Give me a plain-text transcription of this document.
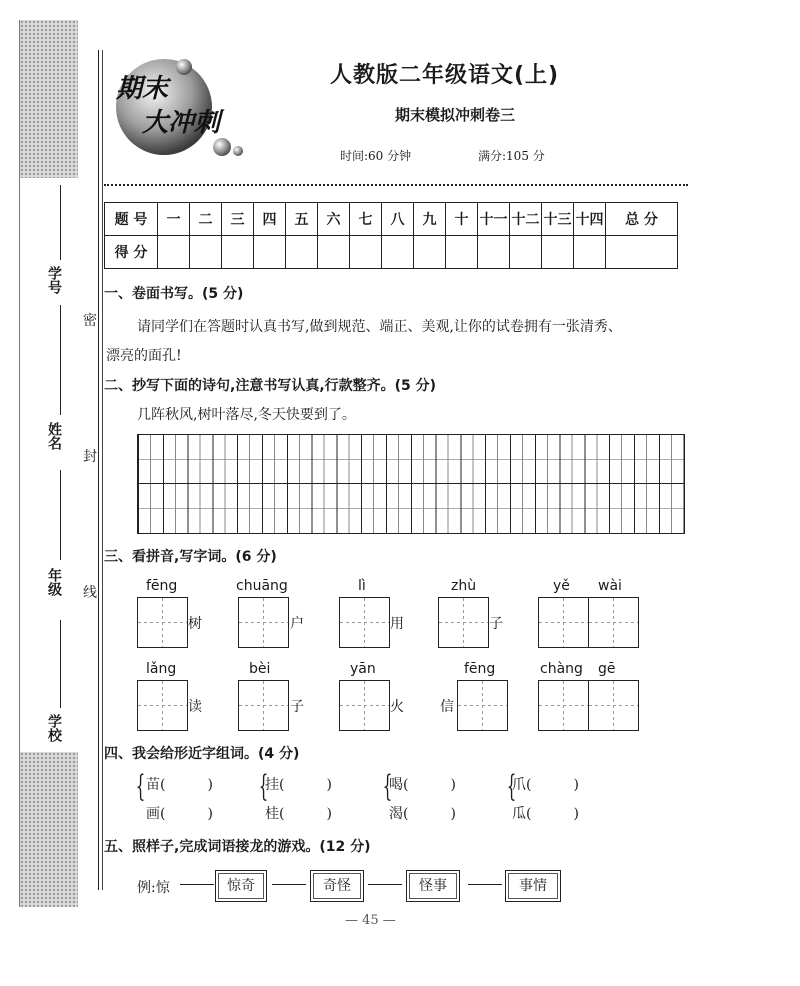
学号
姓名
年级
学校
密
封
线
期末
大冲刺
人教版二年级语文(上)
期末模拟冲刺卷三
时间:60 分钟	满分:105 分
题 号	一	二	三	四	五	六	七	八	九	十	十一	十二	十三	十四	总 分
得 分															
一、卷面书写。(5 分)
请同学们在答题时认真书写,做到规范、端正、美观,让你的试卷拥有一张清秀、
漂亮的面孔!
二、抄写下面的诗句,注意书写认真,行款整齐。(5 分)
几阵秋风,树叶落尽,冬天快要到了。
三、看拼音,写字词。(6 分)
fēng	chuāng	lì	zhù	yě wài
树	户	用	子
lǎng	bèi	yān	fēng	chàng gē
读	子	火	信
四、我会给形近字组词。(4 分)
{ 苗(　　　)
画(　　　)
{
挂(　　　)
桂(　　　)
{
喝(　　　)
渴(　　　)
{
爪(　　　)
瓜(　　　)
五、照样子,完成词语接龙的游戏。(12 分)
例:惊	惊奇	奇怪	怪事	事情
— 45 —
